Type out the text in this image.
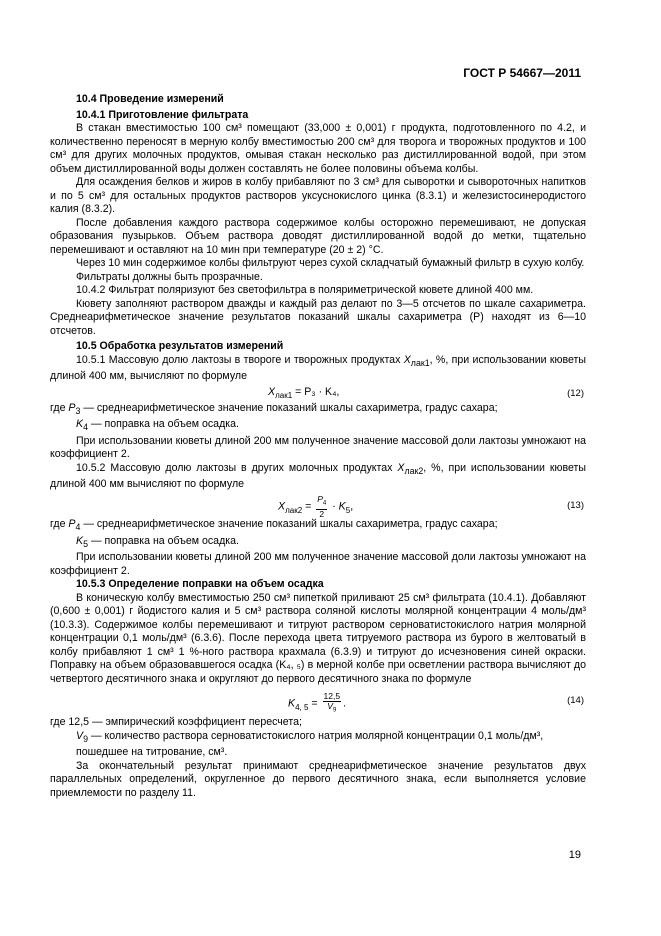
ГОСТ Р 54667—2011

10.4 Проведение измерений

10.4.1 Приготовление фильтрата

В стакан вместимостью 100 см³ помещают (33,000 ± 0,001) г продукта, подготовленного по 4.2, и количественно переносят в мерную колбу вместимостью 200 см³ для творога и творожных продуктов и 100 см³ для других молочных продуктов, омывая стакан несколько раз дистиллированной водой, при этом объем дистиллированной воды должен составлять не более половины объема колбы.

Для осаждения белков и жиров в колбу прибавляют по 3 см³ для сыворотки и сывороточных напитков и по 5 см³ для остальных продуктов растворов уксуснокислого цинка (8.3.1) и железистосинеродистого калия (8.3.2).

После добавления каждого раствора содержимое колбы осторожно перемешивают, не допуская образования пузырьков. Объем раствора доводят дистиллированной водой до метки, тщательно перемешивают и оставляют на 10 мин при температуре (20 ± 2) °С.

Через 10 мин содержимое колбы фильтруют через сухой складчатый бумажный фильтр в сухую колбу.

Фильтраты должны быть прозрачные.

10.4.2 Фильтрат поляризуют без светофильтра в поляриметрической кювете длиной 400 мм.

Кювету заполняют раствором дважды и каждый раз делают по 3—5 отсчетов по шкале сахариметра. Среднеарифметическое значение результатов показаний шкалы сахариметра (Р) находят из 6—10 отсчетов.

10.5 Обработка результатов измерений

10.5.1 Массовую долю лактозы в твороге и творожных продуктах $X_{лак1}$, %, при использовании кюветы длиной 400 мм, вычисляют по формуле

$X_{лак1} = P_3 \cdot K_4$,	(12)

где $P_3$ — среднеарифметическое значение показаний шкалы сахариметра, градус сахара;

$K_4$ — поправка на объем осадка.

При использовании кюветы длиной 200 мм полученное значение массовой доли лактозы умножают на коэффициент 2.

10.5.2 Массовую долю лактозы в других молочных продуктах $X_{лак2}$, %, при использовании кюветы длиной 400 мм вычисляют по формуле

$X_{лак2} = \frac{P_4}{2} \cdot K_5$,	(13)

где $P_4$ — среднеарифметическое значение показаний шкалы сахариметра, градус сахара;

$K_5$ — поправка на объем осадка.

При использовании кюветы длиной 200 мм полученное значение массовой доли лактозы умножают на коэффициент 2.

10.5.3 Определение поправки на объем осадка

В коническую колбу вместимостью 250 см³ пипеткой приливают 25 см³ фильтрата (10.4.1). Добавляют (0,600 ± 0,001) г йодистого калия и 5 см³ раствора соляной кислоты молярной концентрации 4 моль/дм³ (10.3.3). Содержимое колбы перемешивают и титруют раствором серноватистокислого натрия молярной концентрации 0,1 моль/дм³ (6.3.6). После перехода цвета титруемого раствора из бурого в желтоватый в колбу прибавляют 1 см³ 1 %-ного раствора крахмала (6.3.9) и титруют до исчезновения синей окраски. Поправку на объем образовавшегося осадка (K₄, ₅) в мерной колбе при осветлении раствора вычисляют до четвертого десятичного знака и округляют до первого десятичного знака по формуле

$K_{4, 5} = \frac{12,5}{V_9}$ .	(14)

где 12,5 — эмпирический коэффициент пересчета;

$V_9$ — количество раствора серноватистокислого натрия молярной концентрации 0,1 моль/дм³, пошедшее на титрование, см³.

За окончательный результат принимают среднеарифметическое значение результатов двух параллельных определений, округленное до первого десятичного знака, если выполняется условие приемлемости по разделу 11.

19
